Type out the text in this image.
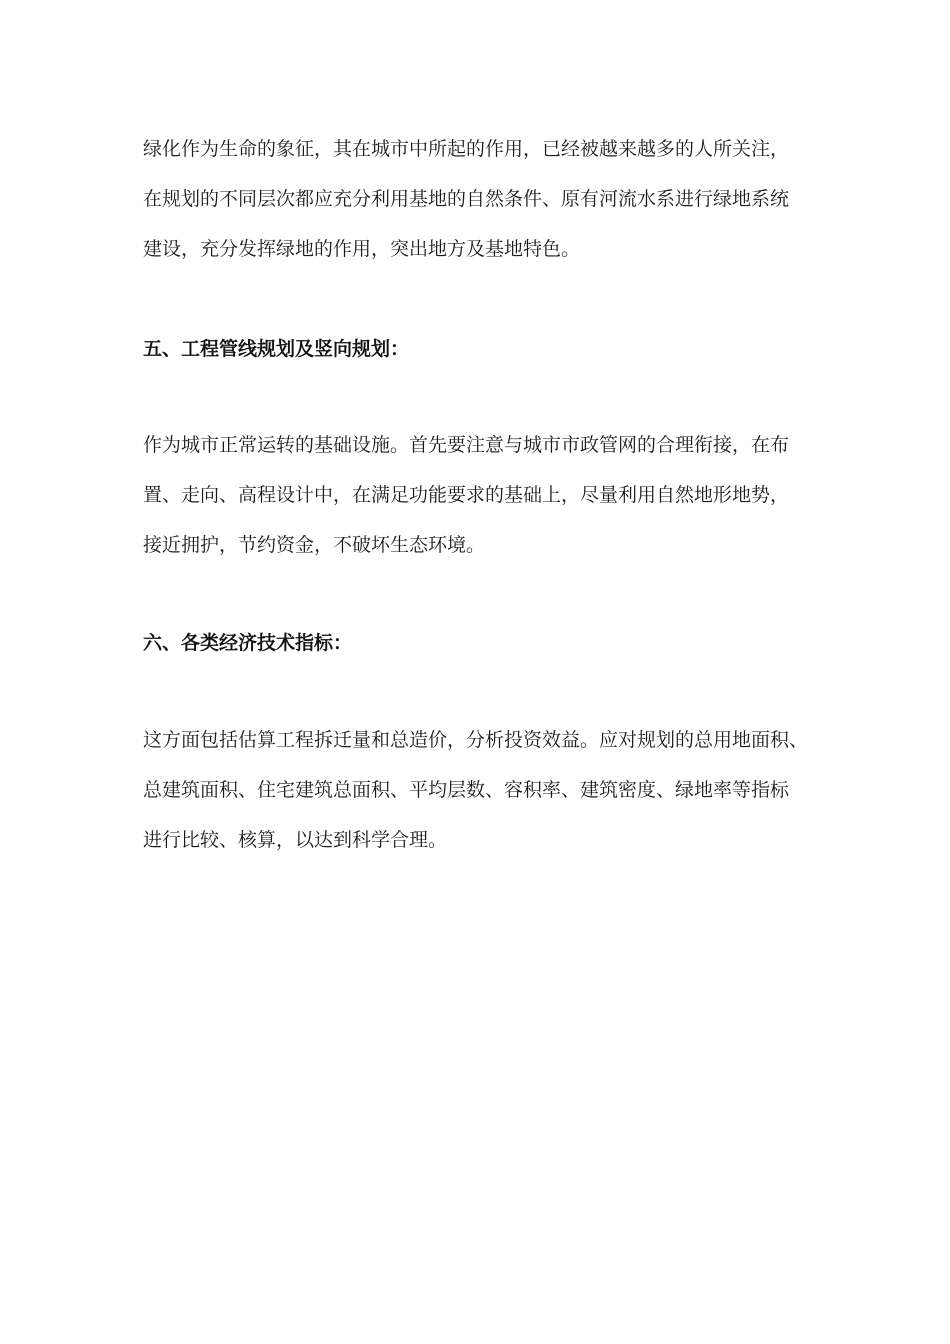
绿化作为生命的象征，其在城市中所起的作用，已经被越来越多的人所关注，
在规划的不同层次都应充分利用基地的自然条件、原有河流水系进行绿地系统
建设，充分发挥绿地的作用，突出地方及基地特色。
五、工程管线规划及竖向规划：
作为城市正常运转的基础设施。首先要注意与城市市政管网的合理衔接，在布
置、走向、高程设计中，在满足功能要求的基础上，尽量利用自然地形地势，
接近拥护，节约资金，不破坏生态环境。
六、各类经济技术指标：
这方面包括估算工程拆迁量和总造价，分析投资效益。应对规划的总用地面积、
总建筑面积、住宅建筑总面积、平均层数、容积率、建筑密度、绿地率等指标
进行比较、核算，以达到科学合理。
